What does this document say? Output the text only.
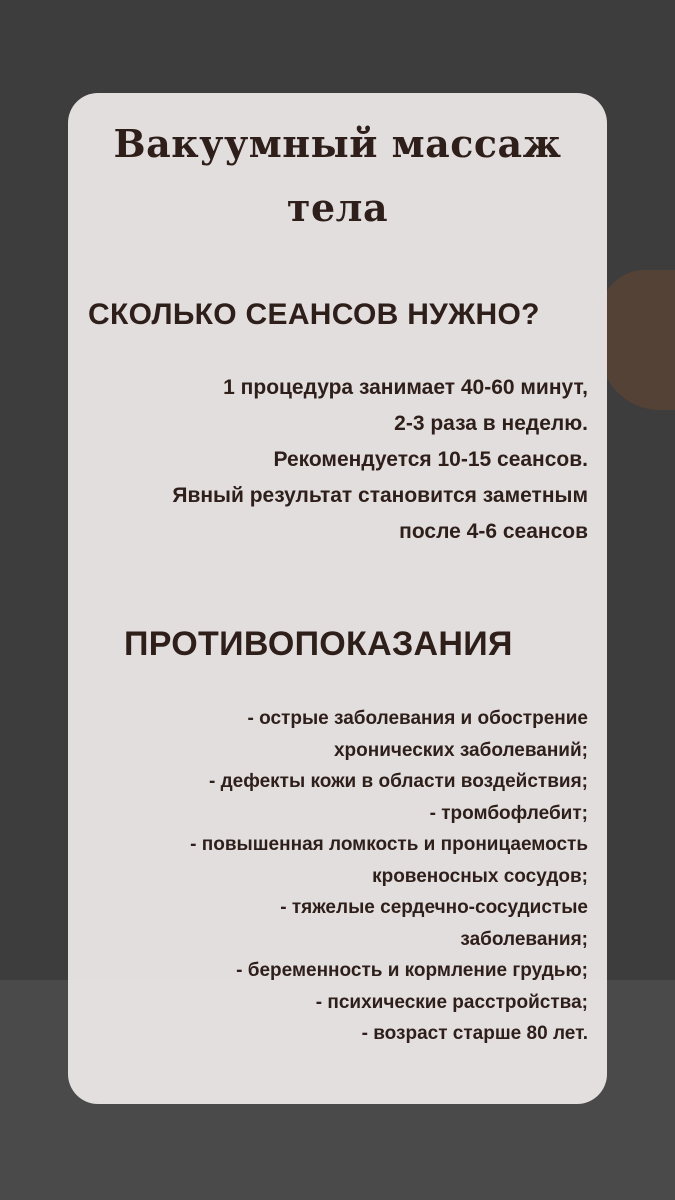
Вакуумный массаж
тела
СКОЛЬКО СЕАНСОВ НУЖНО?
1 процедура занимает 40-60 минут,
2-3 раза в неделю.
Рекомендуется 10-15 сеансов.
Явный результат становится заметным
после 4-6 сеансов
ПРОТИВОПОКАЗАНИЯ
- острые заболевания и обострение
хронических заболеваний;
- дефекты кожи в области воздействия;
- тромбофлебит;
- повышенная ломкость и проницаемость
кровеносных сосудов;
- тяжелые сердечно-сосудистые
заболевания;
- беременность и кормление грудью;
- психические расстройства;
- возраст старше 80 лет.
